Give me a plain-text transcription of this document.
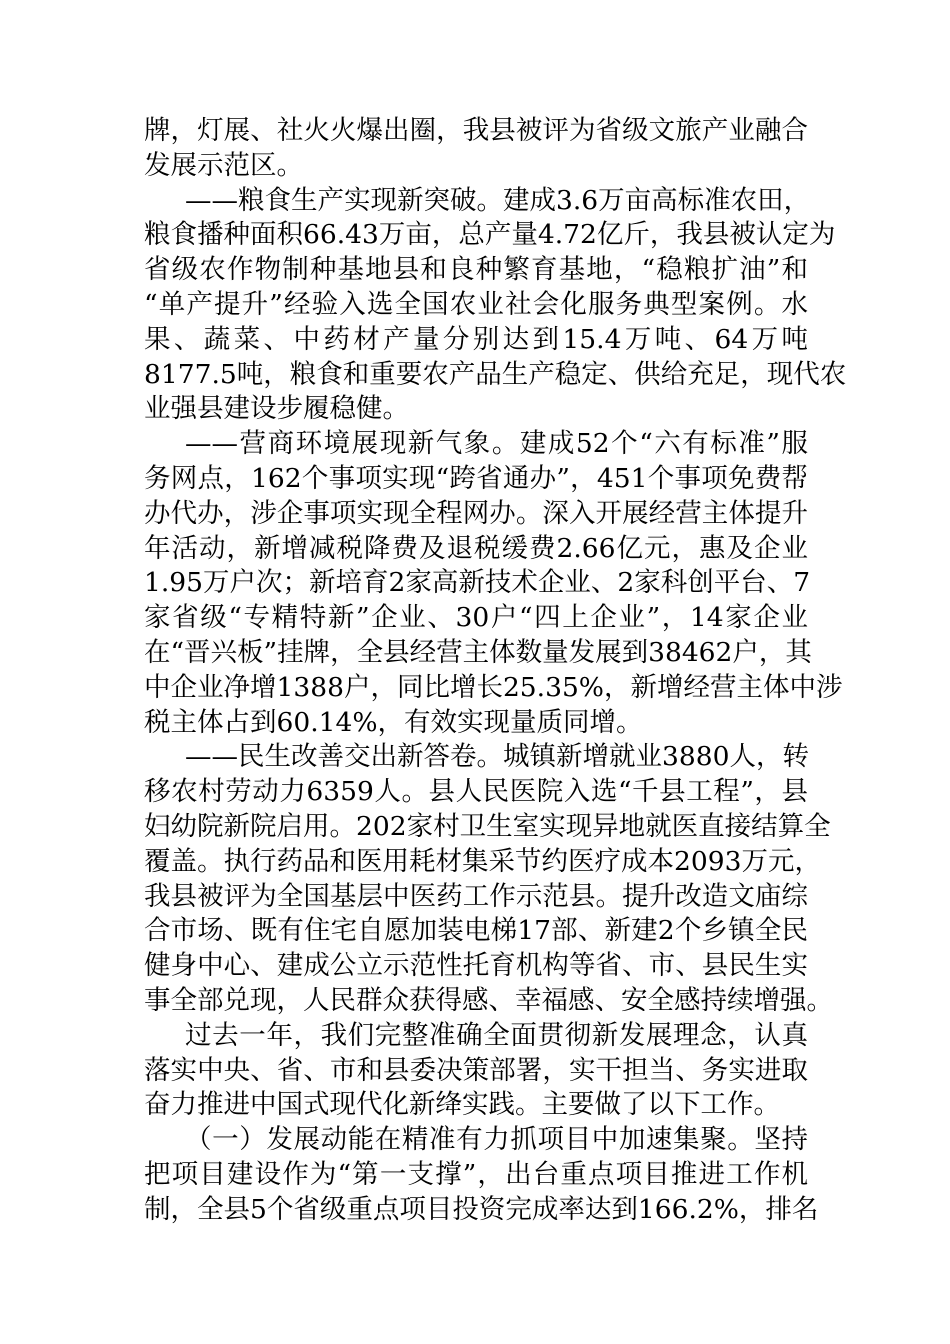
牌，灯展、社火火爆出圈，我县被评为省级文旅产业融合
发展示范区。
——粮食生产实现新突破。建成3.6万亩高标准农田，
粮食播种面积66.43万亩，总产量4.72亿斤，我县被认定为
省级农作物制种基地县和良种繁育基地，“稳粮扩油”和
“单产提升”经验入选全国农业社会化服务典型案例。水
果、蔬菜、中药材产量分别达到15.4万吨、64万吨
8177.5吨，粮食和重要农产品生产稳定、供给充足，现代农
业强县建设步履稳健。
——营商环境展现新气象。建成52个“六有标准”服
务网点，162个事项实现“跨省通办”，451个事项免费帮
办代办，涉企事项实现全程网办。深入开展经营主体提升
年活动，新增减税降费及退税缓费2.66亿元，惠及企业
1.95万户次；新培育2家高新技术企业、2家科创平台、7
家省级“专精特新”企业、30户“四上企业”，14家企业
在“晋兴板”挂牌，全县经营主体数量发展到38462户，其
中企业净增1388户，同比增长25.35%，新增经营主体中涉
税主体占到60.14%，有效实现量质同增。
——民生改善交出新答卷。城镇新增就业3880人，转
移农村劳动力6359人。县人民医院入选“千县工程”，县
妇幼院新院启用。202家村卫生室实现异地就医直接结算全
覆盖。执行药品和医用耗材集采节约医疗成本2093万元，
我县被评为全国基层中医药工作示范县。提升改造文庙综
合市场、既有住宅自愿加装电梯17部、新建2个乡镇全民
健身中心、建成公立示范性托育机构等省、市、县民生实
事全部兑现，人民群众获得感、幸福感、安全感持续增强。
过去一年，我们完整准确全面贯彻新发展理念，认真
落实中央、省、市和县委决策部署，实干担当、务实进取
奋力推进中国式现代化新绛实践。主要做了以下工作。
（一）发展动能在精准有力抓项目中加速集聚。坚持
把项目建设作为“第一支撑”，出台重点项目推进工作机
制，全县5个省级重点项目投资完成率达到166.2%，排名
